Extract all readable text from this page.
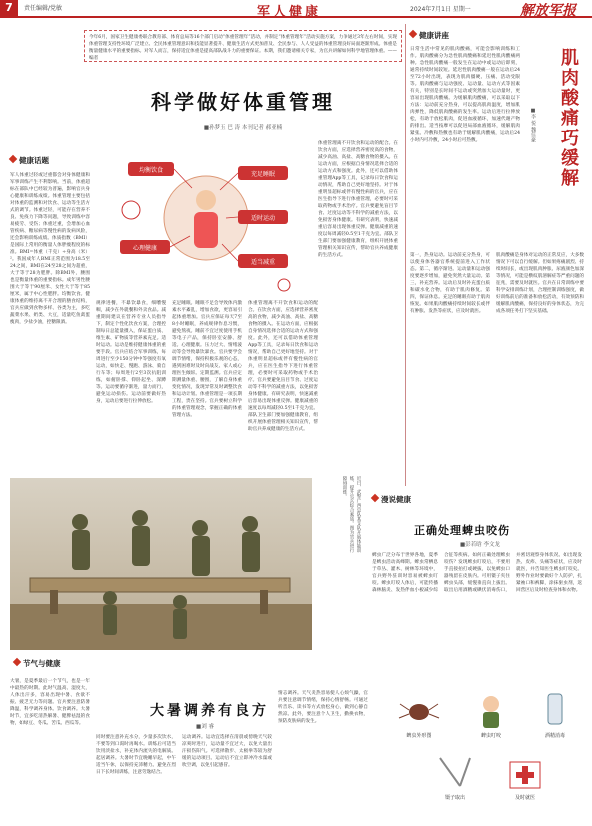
7	责任编辑/党敏	军人健康	2024年7月1日 星期一	解放军报
今年6月，国家卫生健康委联合教育部、体育总局等16个部门启动“体重管理年”活动，并制定“体重管理年”活动实施方案，力争通过3年左右时间，实现体重管理支持性环境广泛建立、全民体重管理意识和技能显著提升、健康生活方式更加普及、全民参与、人人受益的体重管理良好局面逐渐形成。体重是衡量健康水平的重要指标。对军人而言，保持适宜体重是提高部队战斗力的重要保证。本期，我们邀请相关专家，为官兵讲解如何科学地管理体重。——编者
科学做好体重管理
■孙梦玉 巴 涛 本刊记者 郝亚楠
健康话题
军人体重过轻或过重都会对身体健康和军事训练产生不利影响。当前，体重超标在部队中已经较为普遍，影响官兵身心健康和训练成绩。体重管理主要包括对体重的监测和对饮食、运动等生活方式的调节。体重过轻，可能存在营养不良、免疫力下降等问题，导致训练中容易疲劳、受伤；体重过重，会增加心血管疾病、糖尿病等慢性病的发病风险，还会影响训练成绩。体质指数（BMI）是国际上常用的衡量人体胖瘦程度的标准。BMI=体重（千克）÷身高（米）²。我国成年人BMI正常范围为18.5至24之间，BMI在24至28之间为超重，大于等于28为肥胖。除BMI外，腰围也是衡量体重的重要指标。成年男性腰围大于等于90厘米、女性大于等于85厘米，属于中心性肥胖。均衡饮食。健康体重的维持离不开合理的膳食结构，官兵应做到食物多样、谷类为主，多吃蔬菜水果、奶类、大豆，适量吃鱼禽蛋瘦肉，少盐少油，控糖限酒。
规律进餐，不暴饮暴食，细嚼慢咽，减少在外就餐和外卖食品。减重期间建议在营养专业人员指导下，制定个性化饮食方案，合理控制每日总能量摄入，保证蛋白质、维生素、矿物质等营养素充足。适时运动。运动是维持健康体重的重要手段。官兵应结合军事训练，每周进行至少150分钟中等强度有氧运动，如快走、慢跑、游泳、骑自行车等；每周进行2至3次抗阻训练，如俯卧撑、仰卧起坐、深蹲等。运动要循序渐进，量力而行，避免运动损伤。运动前要做好热身，运动后要进行拉伸放松。
充足睡眠。睡眠不足会导致体内激素水平紊乱，增加食欲，更容易引起体重增加。官兵应保证每天7至8小时睡眠，养成规律作息习惯，避免熬夜。睡前不宜过度使用手机等电子产品，保持卧室安静、舒适。心理健康。压力过大、情绪波动等会导致暴饮暴食。官兵要学会调节情绪，保持积极乐观的心态，遇到困难时及时向战友、家人或心理医生倾诉。定期监测。官兵应定期测量体重、腰围，了解自身体重变化情况，发现异常及时调整饮食和运动计划。体重管理是一项长期工程，贵在坚持。官兵要树立科学的体重管理观念，掌握正确的体重管理方法。
体重管理离不开饮食和运动的配合。在饮食方面，应选择营养密度高的食物，减少高油、高盐、高糖食物的摄入。在运动方面，应根据自身情况选择合适的运动方式和强度。此外，还可以借助体重管理App等工具，记录每日饮食和运动情况，帮助自己更好地坚持。对于体重明显超标或伴有慢性病的官兵，应在医生指导下进行体重管理，必要时可采取药物或手术治疗。官兵要避免盲目节食、过度运动等不科学的减重方法，以免损害身体健康。有研究表明，快速减重后容易出现体重反弹。健康减重的速度以每周减轻0.5至1千克为宜。部队卫生部门要加强健康教育，组织开展体重管理相关知识宣传，帮助官兵养成健康的生活方式。
体重管理离不开饮食和运动的配合。在饮食方面，应选择营养密度高的食物，减少高油、高盐、高糖食物的摄入。在运动方面，应根据自身情况选择合适的运动方式和强度。此外，还可以借助体重管理App等工具，记录每日饮食和运动情况，帮助自己更好地坚持。对于体重明显超标或伴有慢性病的官兵，应在医生指导下进行体重管理，必要时可采取药物或手术治疗。官兵要避免盲目节食、过度运动等不科学的减重方法，以免损害身体健康。有研究表明，快速减重后容易出现体重反弹。健康减重的速度以每周减轻0.5至1千克为宜。部队卫生部门要加强健康教育，组织开展体重管理相关知识宣传，帮助官兵养成健康的生活方式。
均衡饮食
充足睡眠
适时运动
适当减重
心理健康
健康讲座
日常生活中常见的肌肉酸痛，可能会影响训练和工作。肌肉酸痛分为急性肌肉酸痛和延迟性肌肉酸痛两种。急性肌肉酸痛一般发生在运动中或运动后即刻，通常持续时间较短。延迟性肌肉酸痛一般在运动后24至72小时出现，表现为肌肉僵硬、压痛、活动受限等。肌肉酸痛与运动强度、运动量、运动方式等因素有关，特别是长时间不运动或突然加大运动量时，更容易出现肌肉酸痛。为缓解肌肉酸痛，可以采取以下方法：运动前充分热身，可以提高肌肉温度，增加肌肉弹性，降低肌肉酸痛的发生率。运动后进行拉伸放松，有助于放松肌肉，促进血液循环，加速代谢产物的排出。适当按摩可以促进局部血液循环，缓解肌肉紧张。冷敷和热敷也有助于缓解肌肉酸痛，运动后24小时内可冷敷，24小时后可热敷。	肌肉酸痛巧缓解
■李 悦 魏佳豪
第一，热身运动。运动前充分热身，可以使身体各器官系统提前进入工作状态。第二，循序渐进。运动量和运动强度要逐步增加，避免突然大量运动。第三，补充营养。运动后及时补充蛋白质和碳水化合物，有助于肌肉修复。第四，保证休息。充足的睡眠有助于肌肉恢复。如果肌肉酸痛持续时间较长或伴有肿胀、发热等症状，应及时就医。
肌肉酸痛是身体对运动的正常反应，大多数情况下可以自行缓解。但如果疼痛剧烈、持续时间长，或出现肌肉肿胀、尿液颜色加深等情况，可能是横纹肌溶解症等严重问题的征兆，需要及时就医。官兵在日常训练中要科学安排训练计划，合理控制训练强度，做好训练前后的准备和放松活动，有效预防和缓解肌肉酸痛，保持良好的身体状态，为完成各项任务打下坚实基础。
近日，武警广西总队某支队开展体能训练，提升官兵综合素质。图为官兵进行障碍训练。
漫说健康
正确处理蜱虫咬伤
■彭若晗 李文龙
蜱虫广泛分布于世界各地，夏季是蜱虫活动高峰期。蜱虫常栖息于草丛、灌木、树林等环境中，官兵野外驻训时容易被蜱虫叮咬。蜱虫叮咬人体后，可能传播森林脑炎、发热伴血小板减少综合征等疾病。如何正确处理蜱虫咬伤？发现蜱虫叮咬后，不要用手直接拍打或硬拔，以免蜱虫口器残留在皮肤内。可用镊子夹住蜱虫头部，缓慢垂直向上拔出。取出后用酒精或碘伏消毒伤口，并密切观察身体状况。如出现发热、皮疹、头痛等症状，应及时就医，并告知医生蜱虫叮咬史。野外作业时要做好个人防护，扎紧袖口和裤脚，涂抹驱虫剂，返回营区后及时检查身体和衣物。
蜱虫外形图	蜱虫叮咬	酒精消毒
镊子取出	及时就医
节气与健康
大暑，是夏季最后一个节气，也是一年中最热的时期。此时气温高、湿度大，人体出汗多，容易出现中暑、食欲不振、疲乏无力等问题。官兵要注意防暑降温，科学调养身体。饮食调养。大暑时节，宜多吃清热解暑、健脾祛湿的食物，如绿豆、冬瓜、苦瓜、西瓜等。
大暑调养有良方
■刘 睿
同时要注意补充水分，少量多次饮水，不要等到口渴时再喝水。训练后可适当饮用淡盐水，补充体内流失的电解质。起居调养。大暑时节宜晚睡早起，中午适当午休，以保持充沛精力。避免在烈日下长时间训练，注意劳逸结合。
运动调养。运动宜选择在清晨或傍晚天气较凉爽时进行，运动量不宜过大，以免大量出汗损伤阳气。可选择散步、太极拳等较为舒缓的运动项目。运动后不宜立即冲冷水澡或吹空调，以免引起感冒。
情志调养。天气炎热容易使人心烦气躁，官兵要注意调节情绪，保持心情舒畅。可通过听音乐、读书等方式放松身心，做到心静自然凉。此外，要注意个人卫生，勤换衣物，预防皮肤病的发生。
